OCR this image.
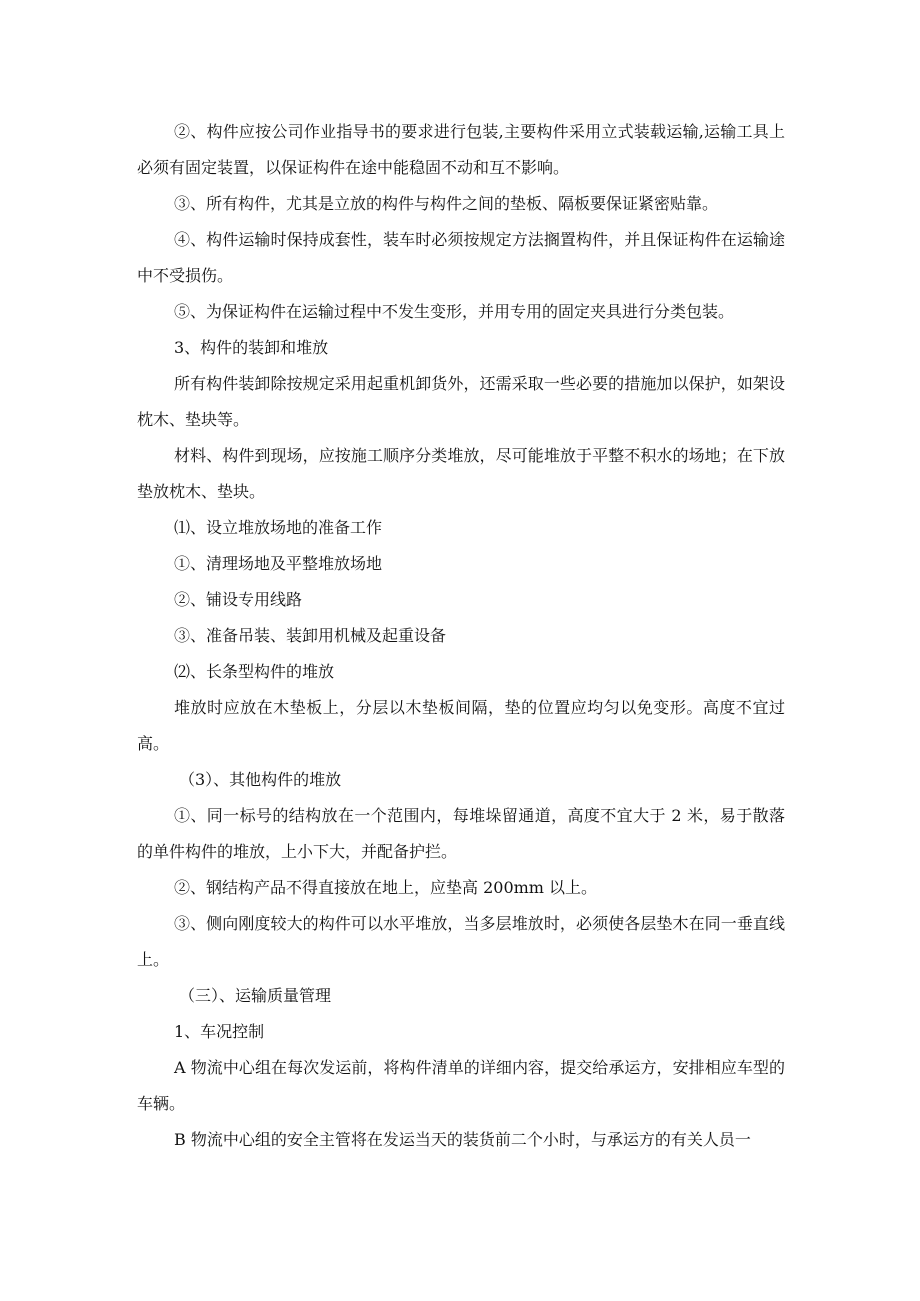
②、构件应按公司作业指导书的要求进行包装,主要构件采用立式装载运输,运输工具上必须有固定装置，以保证构件在途中能稳固不动和互不影响。

③、所有构件，尤其是立放的构件与构件之间的垫板、隔板要保证紧密贴靠。

④、构件运输时保持成套性，装车时必须按规定方法搁置构件，并且保证构件在运输途中不受损伤。

⑤、为保证构件在运输过程中不发生变形，并用专用的固定夹具进行分类包装。

3、构件的装卸和堆放

所有构件装卸除按规定采用起重机卸货外，还需采取一些必要的措施加以保护，如架设枕木、垫块等。

材料、构件到现场，应按施工顺序分类堆放，尽可能堆放于平整不积水的场地；在下放垫放枕木、垫块。

⑴、设立堆放场地的准备工作

①、清理场地及平整堆放场地

②、铺设专用线路

③、准备吊装、装卸用机械及起重设备

⑵、长条型构件的堆放

堆放时应放在木垫板上，分层以木垫板间隔，垫的位置应均匀以免变形。高度不宜过高。

（3）、其他构件的堆放

①、同一标号的结构放在一个范围内，每堆垛留通道，高度不宜大于 2 米，易于散落的单件构件的堆放，上小下大，并配备护拦。

②、钢结构产品不得直接放在地上，应垫高 200mm 以上。

③、侧向刚度较大的构件可以水平堆放，当多层堆放时，必须使各层垫木在同一垂直线上。

（三）、运输质量管理

1、车况控制

A 物流中心组在每次发运前，将构件清单的详细内容，提交给承运方，安排相应车型的车辆。

B 物流中心组的安全主管将在发运当天的装货前二个小时，与承运方的有关人员一
